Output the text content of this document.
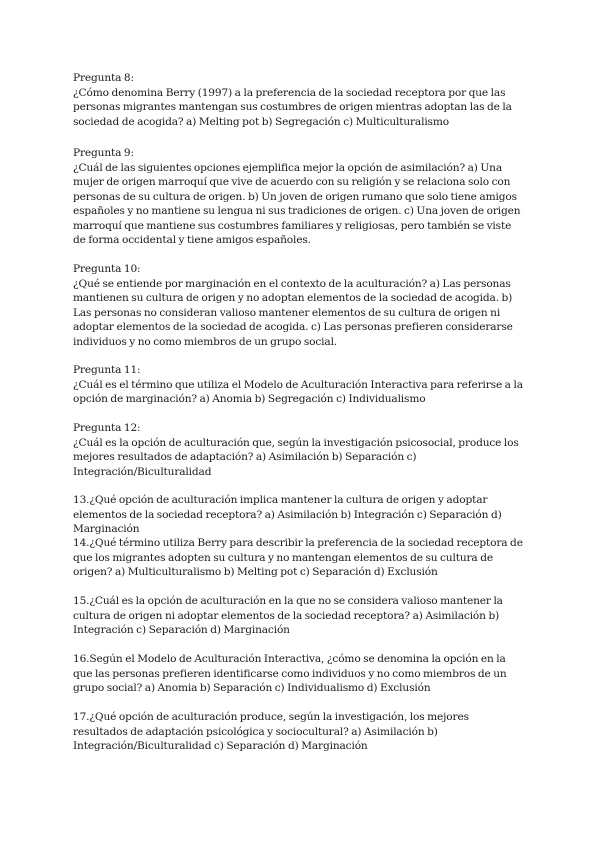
Pregunta 8:
¿Cómo denomina Berry (1997) a la preferencia de la sociedad receptora por que las personas migrantes mantengan sus costumbres de origen mientras adoptan las de la sociedad de acogida? a) Melting pot b) Segregación c) Multiculturalismo
Pregunta 9:
¿Cuál de las siguientes opciones ejemplifica mejor la opción de asimilación? a) Una mujer de origen marroquí que vive de acuerdo con su religión y se relaciona solo con personas de su cultura de origen. b) Un joven de origen rumano que solo tiene amigos españoles y no mantiene su lengua ni sus tradiciones de origen. c) Una joven de origen marroquí que mantiene sus costumbres familiares y religiosas, pero también se viste de forma occidental y tiene amigos españoles.
Pregunta 10:
¿Qué se entiende por marginación en el contexto de la aculturación? a) Las personas mantienen su cultura de origen y no adoptan elementos de la sociedad de acogida. b) Las personas no consideran valioso mantener elementos de su cultura de origen ni adoptar elementos de la sociedad de acogida. c) Las personas prefieren considerarse individuos y no como miembros de un grupo social.
Pregunta 11:
¿Cuál es el término que utiliza el Modelo de Aculturación Interactiva para referirse a la opción de marginación? a) Anomia b) Segregación c) Individualismo
Pregunta 12:
¿Cuál es la opción de aculturación que, según la investigación psicosocial, produce los mejores resultados de adaptación? a) Asimilación b) Separación c) Integración/Biculturalidad
13.¿Qué opción de aculturación implica mantener la cultura de origen y adoptar elementos de la sociedad receptora? a) Asimilación b) Integración c) Separación d) Marginación
14.¿Qué término utiliza Berry para describir la preferencia de la sociedad receptora de que los migrantes adopten su cultura y no mantengan elementos de su cultura de origen? a) Multiculturalismo b) Melting pot c) Separación d) Exclusión
15.¿Cuál es la opción de aculturación en la que no se considera valioso mantener la cultura de origen ni adoptar elementos de la sociedad receptora? a) Asimilación b) Integración c) Separación d) Marginación
16.Según el Modelo de Aculturación Interactiva, ¿cómo se denomina la opción en la que las personas prefieren identificarse como individuos y no como miembros de un grupo social? a) Anomia b) Separación c) Individualismo d) Exclusión
17.¿Qué opción de aculturación produce, según la investigación, los mejores resultados de adaptación psicológica y sociocultural? a) Asimilación b) Integración/Biculturalidad c) Separación d) Marginación
